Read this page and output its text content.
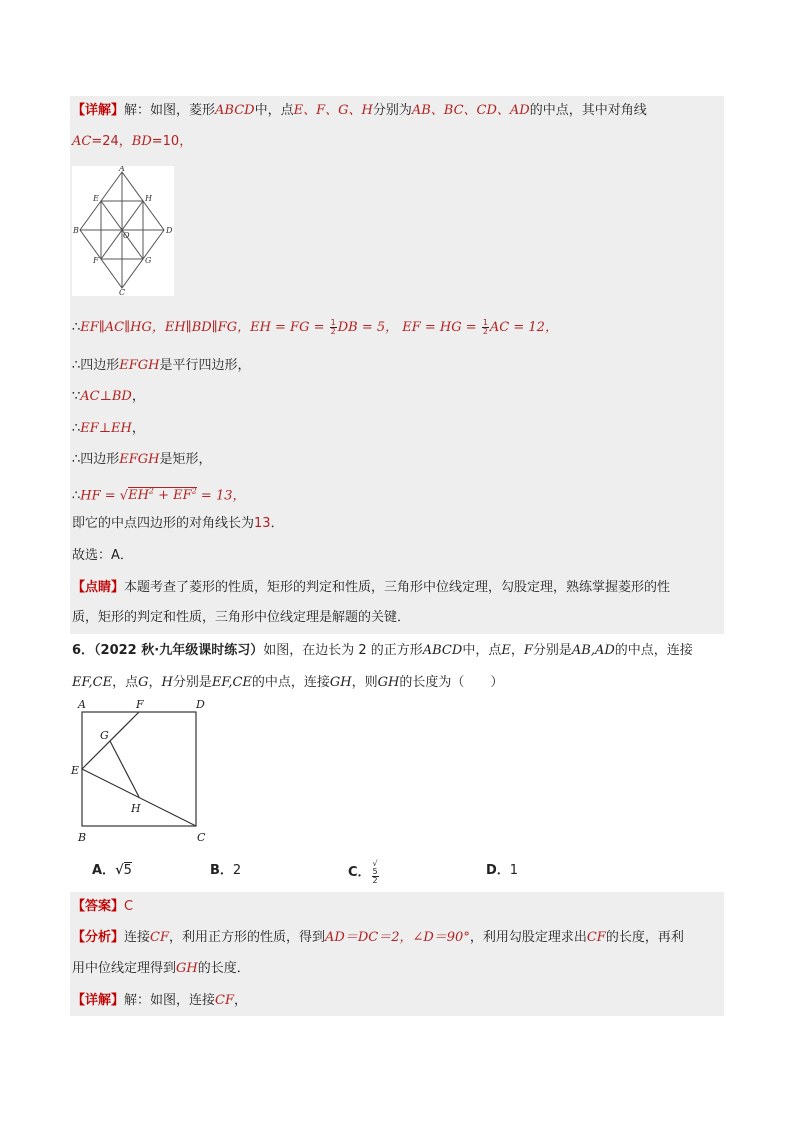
【详解】解：如图，菱形ABCD中，点E、F、G、H分别为AB、BC、CD、AD的中点，其中对角线
AC=24，BD=10，
A
B
C
D
E
F	G
H
O
∴EF∥AC∥HG，EH∥BD∥FG，EH = FG = $\frac{1}{2}$ DB = 5， EF = HG = $\frac{1}{2}$ AC = 12，
∴四边形EFGH是平行四边形，
∵AC⊥BD，
∴EF⊥EH，
∴四边形EFGH是矩形，
∴HF = $√EH^2 + EF^2 = 13$，
即它的中点四边形的对角线长为13．
故选：A．
【点睛】本题考查了菱形的性质，矩形的判定和性质，三角形中位线定理，勾股定理，熟练掌握菱形的性
质，矩形的判定和性质，三角形中位线定理是解题的关键．
6．（2022 秋·九年级课时练习）如图，在边长为 2 的正方形ABCD中，点E，F分别是AB,AD的中点，连接
EF,CE，点G，H分别是EF,CE的中点，连接GH，则GH的长度为（　　）
A
B	C
D
E
F
G
H
A．√5	B．2	C． √
5
2	D．1
【答案】C
【分析】连接CF，利用正方形的性质，得到AD＝DC＝2，∠D＝90°，利用勾股定理求出CF的长度，再利
用中位线定理得到GH的长度．
【详解】解：如图，连接CF，
